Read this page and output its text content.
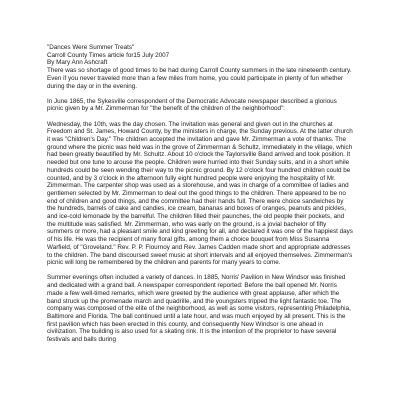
"Dances Were Summer Treats"
Carroll County Times article for15 July 2007
By Mary Ann Ashcraft

There was so shortage of good times to be had during Carroll County summers in the late nineteenth century. Even if you never traveled more than a few miles from home, you could participate in plenty of fun whether during the day or in the evening.

In June 1865, the Sykesville correspondent of the Democratic Advocate newspaper described a glorious picnic given by a Mr. Zimmerman for "the benefit of the children of the neighborhood":

Wednesday, the 10th, was the day chosen. The invitation was general and given out in the churches at Freedom and St. James, Howard County, by the ministers in charge, the Sunday previous. At the latter church it was "Children's Day." The children accepted the invitation and gave Mr. Zimmerman a vote of thanks. The ground where the picnic was held was in the grove of Zimmerman & Schultz, immediately in the village, which had been greatly beautified by Mr. Schultz. About 10 o'clock the Taylorsville Band arrived and took position. It needed but one tune to arouse the people. Children were hurried into their Sunday suits, and in a short while hundreds could be seen wending their way to the picnic ground. By 12 o'clock four hundred children could be counted, and by 3 o'clock in the afternoon fully eight hundred people were enjoying the hospitality of Mr. Zimmerman. The carpenter shop was used as a storehouse, and was in charge of a committee of ladies and gentlemen selected by Mr. Zimmerman to deal out the good things to the children. There appeared to be no end of children and good things, and the committee had their hands full. There were choice sandwiches by the hundreds, barrels of cake and candies, ice cream, bananas and boxes of oranges, peanuts and pickles, and ice-cold lemonade by the barrelful. The children filled their paunches, the old people their pockets, and the multitude was satisfied. Mr. Zimmerman, who was early on the ground, is a jovial bachelor of fifty summers or more, had a pleasant smile and kind greeting for all, and declared it was one of the happiest days of his life. He was the recipient of many floral gifts, among them a choice bouquet from Miss Susanna Warfield, of "Groveland." Rev. P. P. Flournoy and Rev. James Cadden made short and appropriate addresses to the children. The band discoursed sweet music at short intervals and all enjoyed themselves. Zimmerman's picnic will long be remembered by the children and parents for many years to come.

Summer evenings often included a variety of dances. In 1885, Norris' Pavilion in New Windsor was finished and dedicated with a grand ball. A newspaper correspondent reported: Before the ball opened Mr. Norris made a few well-timed remarks, which were greeted by the audience with great applause, after which the band struck up the promenade march and quadrille, and the youngsters tripped the light fantastic toe. The company was composed of the elite of the neighborhood, as well as some visitors, representing Philadelphia, Baltimore and Florida. The ball continued until a late hour, and was much enjoyed by all present. This is the first pavilion which has been erected in this county, and consequently New Windsor is one ahead in civilization. The building is also used for a skating rink. It is the intention of the proprietor to have several festivals and balls during
